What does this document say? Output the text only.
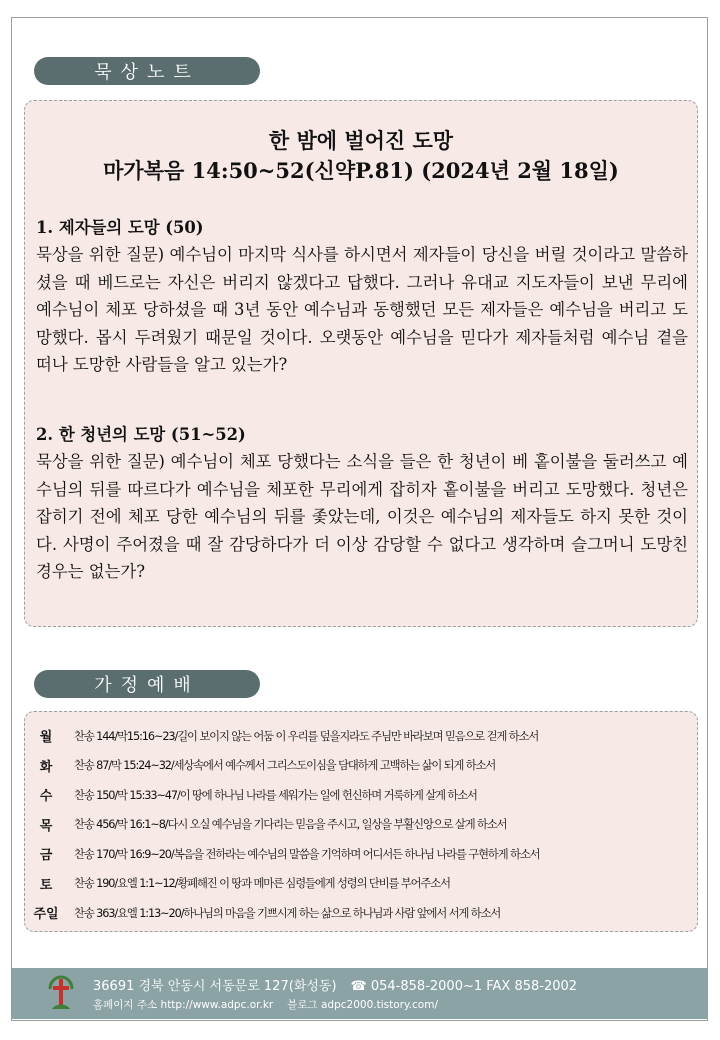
묵상노트
한 밤에 벌어진 도망
마가복음 14:50~52(신약P.81) (2024년 2월 18일)
1. 제자들의 도망 (50)
묵상을 위한 질문) 예수님이 마지막 식사를 하시면서 제자들이 당신을 버릴 것이라고 말씀하셨을 때 베드로는 자신은 버리지 않겠다고 답했다. 그러나 유대교 지도자들이 보낸 무리에 예수님이 체포 당하셨을 때 3년 동안 예수님과 동행했던 모든 제자들은 예수님을 버리고 도망했다. 몹시 두려웠기 때문일 것이다. 오랫동안 예수님을 믿다가 제자들처럼 예수님 곁을 떠나 도망한 사람들을 알고 있는가?
2. 한 청년의 도망 (51~52)
묵상을 위한 질문) 예수님이 체포 당했다는 소식을 들은 한 청년이 베 홑이불을 둘러쓰고 예수님의 뒤를 따르다가 예수님을 체포한 무리에게 잡히자 홑이불을 버리고 도망했다. 청년은 잡히기 전에 체포 당한 예수님의 뒤를 좇았는데, 이것은 예수님의 제자들도 하지 못한 것이다. 사명이 주어졌을 때 잘 감당하다가 더 이상 감당할 수 없다고 생각하며 슬그머니 도망친 경우는 없는가?
가정예배
월	찬송 144/막15:16~23/길이 보이지 않는 어둠 이 우리를 덮을지라도 주님만 바라보며 믿음으로 걷게 하소서
화	찬송 87/막 15:24~32/세상속에서 예수께서 그리스도이심을 담대하게 고백하는 삶이 되게 하소서
수	찬송 150/막 15:33~47/이 땅에 하나님 나라를 세워가는 일에 헌신하며 거룩하게 살게 하소서
목	찬송 456/막 16:1~8/다시 오실 예수님을 기다리는 믿음을 주시고, 일상을 부활신앙으로 살게 하소서
금	찬송 170/막 16:9~20/복음을 전하라는 예수님의 말씀을 기억하며 어디서든 하나님 나라를 구현하게 하소서
토	찬송 190/요엘 1:1~12/황폐해진 이 땅과 메마른 심령들에게 성령의 단비를 부어주소서
주일	찬송 363/요엘 1:13~20/하나님의 마음을 기쁘시게 하는 삶으로 하나님과 사람 앞에서 서게 하소서
36691 경북 안동시 서동문로 127(화성동) ☎ 054-858-2000~1 FAX 858-2002
홈페이지 주소 http://www.adpc.or.kr 블로그 adpc2000.tistory.com/
